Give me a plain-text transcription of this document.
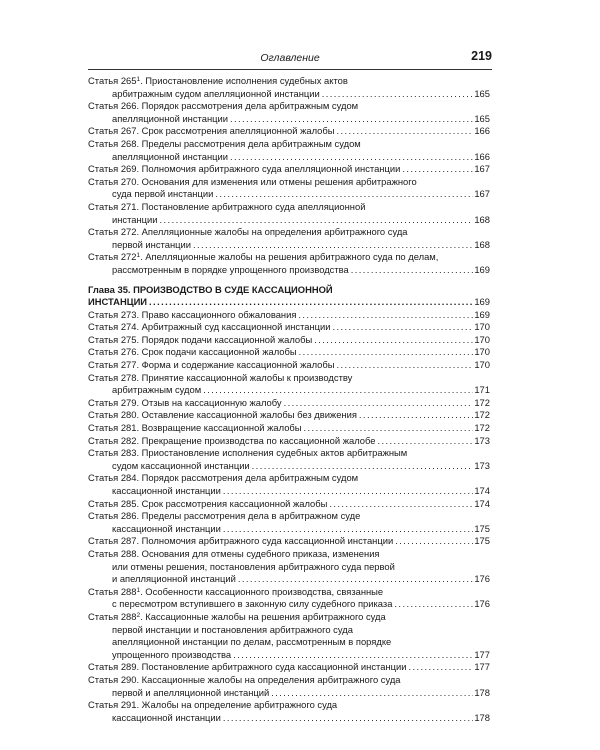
Оглавление	219
Статья $265^1$. Приостановление исполнения судебных актов
арбитражным судом апелляционной инстанции . . .	165
Статья 266. Порядок рассмотрения дела арбитражным судом
апелляционной инстанции . . .	165
Статья 267. Срок рассмотрения апелляционной жалобы . . .	166
Статья 268. Пределы рассмотрения дела арбитражным судом
апелляционной инстанции . . .	166
Статья 269. Полномочия арбитражного суда апелляционной инстанции . . .	167
Статья 270. Основания для изменения или отмены решения арбитражного
суда первой инстанции . . .	167
Статья 271. Постановление арбитражного суда апелляционной
инстанции . . .	168
Статья 272. Апелляционные жалобы на определения арбитражного суда
первой инстанции . . .	168
Статья $272^1$. Апелляционные жалобы на решения арбитражного суда по делам,
рассмотренным в порядке упрощенного производства . . .	169
Глава 35. ПРОИЗВОДСТВО В СУДЕ КАССАЦИОННОЙ
ИНСТАНЦИИ . . .	169
Статья 273. Право кассационного обжалования . . .	169
Статья 274. Арбитражный суд кассационной инстанции . . .	170
Статья 275. Порядок подачи кассационной жалобы . . .	170
Статья 276. Срок подачи кассационной жалобы . . .	170
Статья 277. Форма и содержание кассационной жалобы . . .	170
Статья 278. Принятие кассационной жалобы к производству
арбитражным судом . . .	171
Статья 279. Отзыв на кассационную жалобу . . .	172
Статья 280. Оставление кассационной жалобы без движения . . .	172
Статья 281. Возвращение кассационной жалобы . . .	172
Статья 282. Прекращение производства по кассационной жалобе . . .	173
Статья 283. Приостановление исполнения судебных актов арбитражным
судом кассационной инстанции . . .	173
Статья 284. Порядок рассмотрения дела арбитражным судом
кассационной инстанции . . .	174
Статья 285. Срок рассмотрения кассационной жалобы . . .	174
Статья 286. Пределы рассмотрения дела в арбитражном суде
кассационной инстанции . . .	175
Статья 287. Полномочия арбитражного суда кассационной инстанции . . .	175
Статья 288. Основания для отмены судебного приказа, изменения
или отмены решения, постановления арбитражного суда первой
и апелляционной инстанций . . .	176
Статья $288^1$. Особенности кассационного производства, связанные
с пересмотром вступившего в законную силу судебного приказа . . .	176
Статья $288^2$. Кассационные жалобы на решения арбитражного суда
первой инстанции и постановления арбитражного суда
апелляционной инстанции по делам, рассмотренным в порядке
упрощенного производства . . .	177
Статья 289. Постановление арбитражного суда кассационной инстанции . . .	177
Статья 290. Кассационные жалобы на определения арбитражного суда
первой и апелляционной инстанций . . .	178
Статья 291. Жалобы на определение арбитражного суда
кассационной инстанции . . .	178
